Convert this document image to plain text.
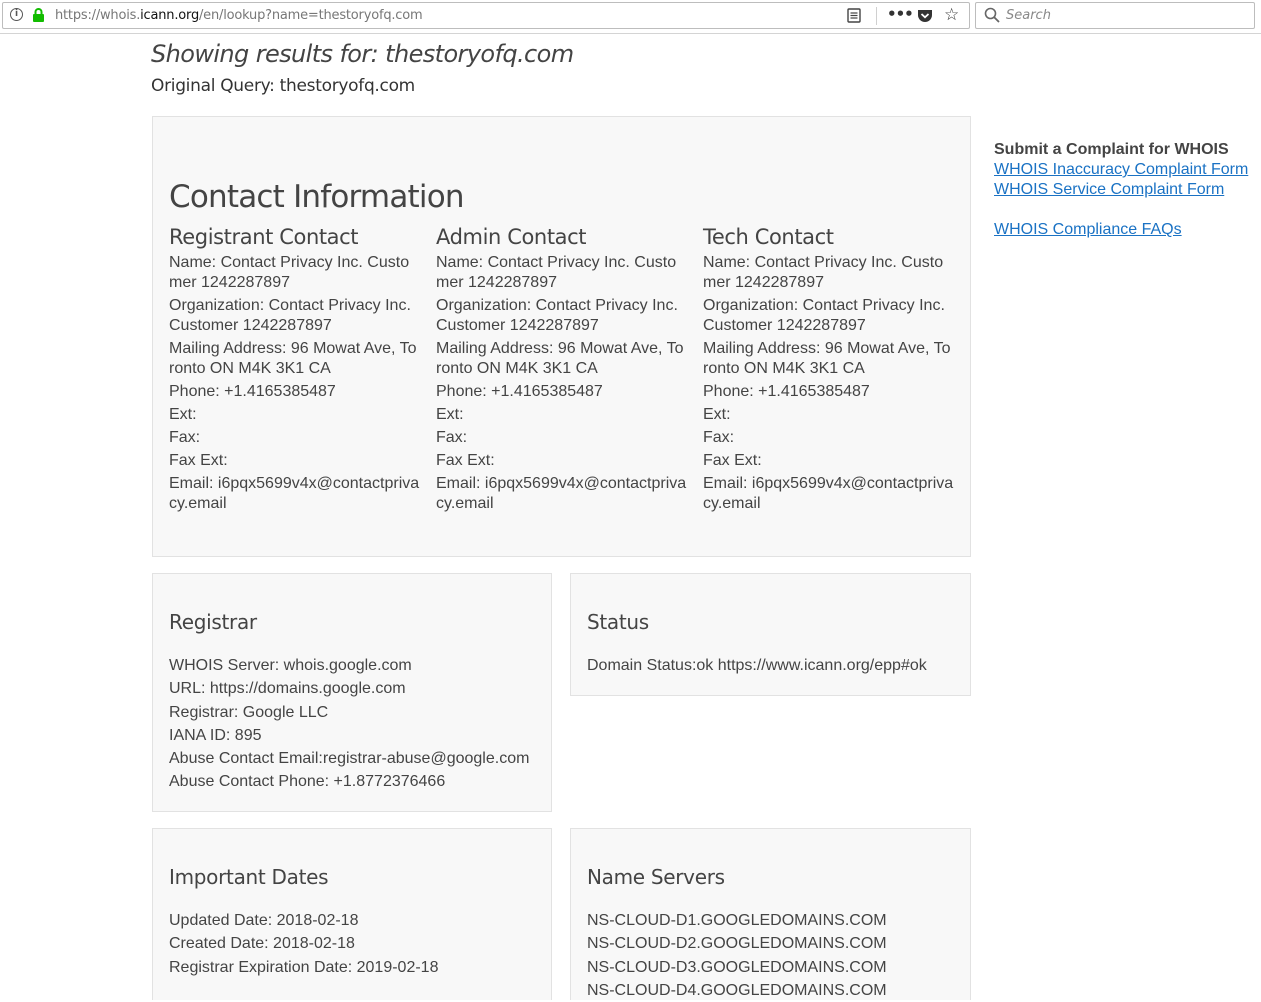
i	https://whois.icann.org/en/lookup?name=thestoryofq.com	••• ☆
Search
Showing results for: thestoryofq.com
Original Query: thestoryofq.com
Contact Information
Registrant Contact
Name: Contact Privacy Inc. Customer 1242287897
Organization: Contact Privacy Inc. Customer 1242287897
Mailing Address: 96 Mowat Ave, Toronto ON M4K 3K1 CA
Phone: +1.4165385487
Ext:
Fax:
Fax Ext:
Email: i6pqx5699v4x@contactprivacy.email
Admin Contact
Name: Contact Privacy Inc. Customer 1242287897
Organization: Contact Privacy Inc. Customer 1242287897
Mailing Address: 96 Mowat Ave, Toronto ON M4K 3K1 CA
Phone: +1.4165385487
Ext:
Fax:
Fax Ext:
Email: i6pqx5699v4x@contactprivacy.email
Tech Contact
Name: Contact Privacy Inc. Customer 1242287897
Organization: Contact Privacy Inc. Customer 1242287897
Mailing Address: 96 Mowat Ave, Toronto ON M4K 3K1 CA
Phone: +1.4165385487
Ext:
Fax:
Fax Ext:
Email: i6pqx5699v4x@contactprivacy.email
Registrar
WHOIS Server: whois.google.com
URL: https://domains.google.com
Registrar: Google LLC
IANA ID: 895
Abuse Contact Email:registrar-abuse@google.com
Abuse Contact Phone: +1.8772376466
Status
Domain Status:ok https://www.icann.org/epp#ok
Important Dates
Updated Date: 2018-02-18
Created Date: 2018-02-18
Registrar Expiration Date: 2019-02-18
Name Servers
NS-CLOUD-D1.GOOGLEDOMAINS.COM
NS-CLOUD-D2.GOOGLEDOMAINS.COM
NS-CLOUD-D3.GOOGLEDOMAINS.COM
NS-CLOUD-D4.GOOGLEDOMAINS.COM
Submit a Complaint for WHOIS
WHOIS Inaccuracy Complaint Form
WHOIS Service Complaint Form
WHOIS Compliance FAQs
